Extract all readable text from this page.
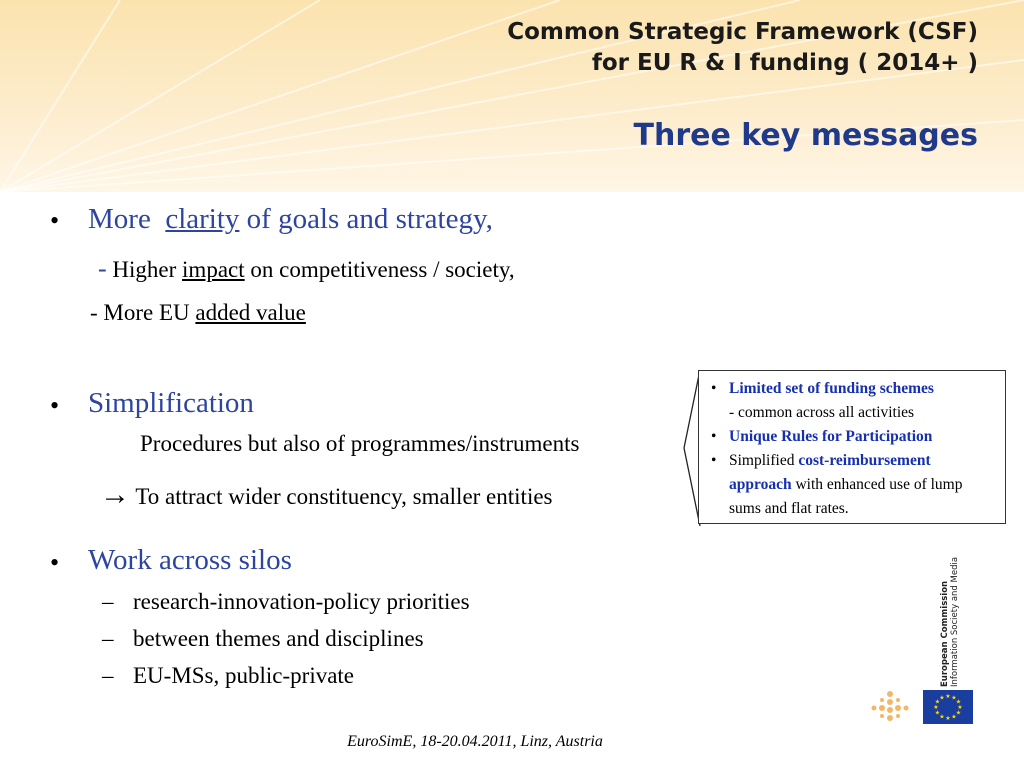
Common Strategic Framework (CSF)
for EU R & I funding ( 2014+ )
Three key messages
• More clarity of goals and strategy,
- Higher impact on competitiveness / society,
- More EU added value
• Simplification
Procedures but also of programmes/instruments
→ To attract wider constituency, smaller entities
• Limited set of funding schemes
- common across all activities
• Unique Rules for Participation
• Simplified cost-reimbursement approach with enhanced use of lump sums and flat rates.
• Work across silos
– research-innovation-policy priorities
– between themes and disciplines
– EU-MSs, public-private	European Commission Information Society and Media
★ ★
★
★
★
★
★
★
★
★
★
★
EuroSimE, 18-20.04.2011, Linz, Austria
